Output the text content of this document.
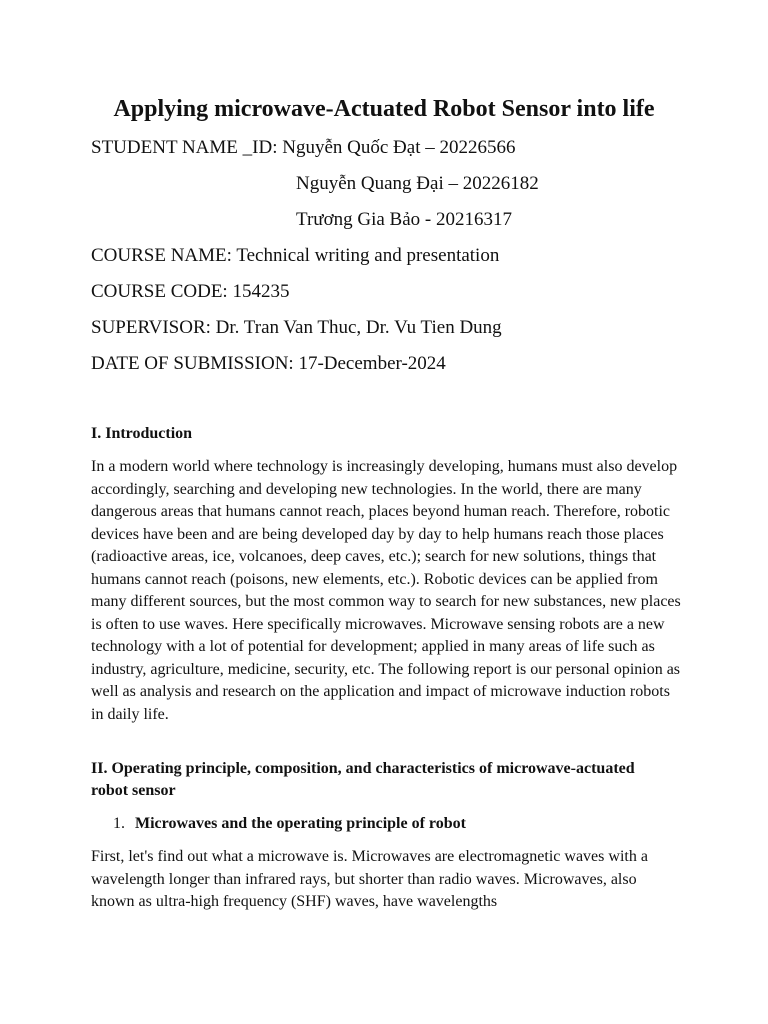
Applying microwave-Actuated Robot Sensor into life
STUDENT NAME _ID: Nguyễn Quốc Đạt – 20226566
Nguyễn Quang Đại – 20226182
Trương Gia Bảo - 20216317
COURSE NAME: Technical writing and presentation
COURSE CODE: 154235
SUPERVISOR: Dr. Tran Van Thuc, Dr. Vu Tien Dung
DATE OF SUBMISSION: 17-December-2024
I. Introduction
In a modern world where technology is increasingly developing, humans must also develop accordingly, searching and developing new technologies. In the world, there are many dangerous areas that humans cannot reach, places beyond human reach. Therefore, robotic devices have been and are being developed day by day to help humans reach those places (radioactive areas, ice, volcanoes, deep caves, etc.); search for new solutions, things that humans cannot reach (poisons, new elements, etc.). Robotic devices can be applied from many different sources, but the most common way to search for new substances, new places is often to use waves. Here specifically microwaves. Microwave sensing robots are a new technology with a lot of potential for development; applied in many areas of life such as industry, agriculture, medicine, security, etc. The following report is our personal opinion as well as analysis and research on the application and impact of microwave induction robots in daily life.
II. Operating principle, composition, and characteristics of microwave-actuated robot sensor
1. Microwaves and the operating principle of robot
First, let's find out what a microwave is. Microwaves are electromagnetic waves with a wavelength longer than infrared rays, but shorter than radio waves. Microwaves, also known as ultra-high frequency (SHF) waves, have wavelengths
